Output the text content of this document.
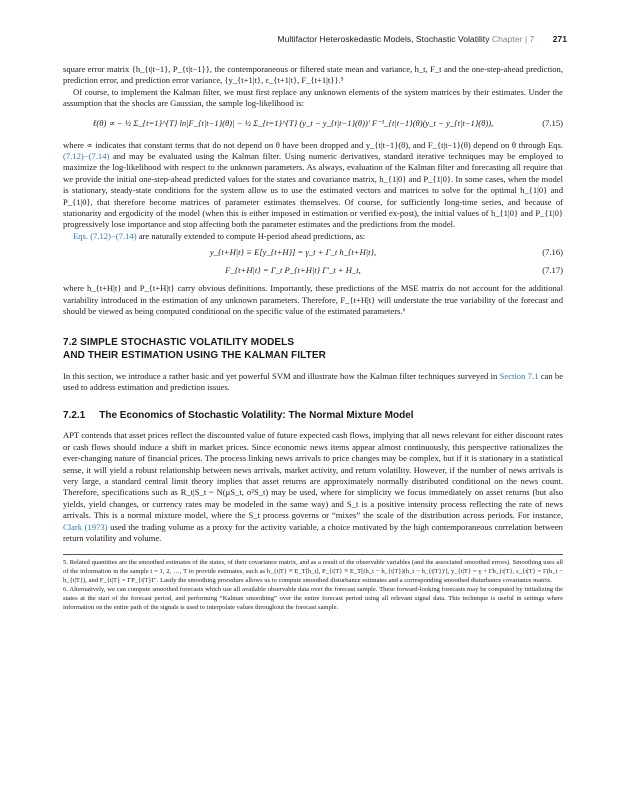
Multifactor Heteroskedastic Models, Stochastic Volatility Chapter | 7 271

square error matrix {h_{t|t−1}, P_{t|t−1}}, the contemporaneous or filtered state mean and variance, h_t, F_t and the one-step-ahead prediction, prediction error, and prediction error variance, {y_{t+1|t}, ε_{t+1|t}, F_{t+1|t}}.⁵

Of course, to implement the Kalman filter, we must first replace any unknown elements of the system matrices by their estimates. Under the assumption that the shocks are Gaussian, the sample log-likelihood is:

ℓ(θ) ∝ − ½ Σ_{t=1}^{T} ln|F_{t|t−1}(θ)| − ½ Σ_{t=1}^{T} (y_t − y_{t|t−1}(θ))′ F⁻¹_{t|t−1}(θ)(y_t − y_{t|t−1}(θ)),	(7.15)

where ∝ indicates that constant terms that do not depend on θ have been dropped and y_{t|t−1}(θ), and F_{t|t−1}(θ) depend on θ through Eqs. (7.12)−(7.14) and may be evaluated using the Kalman filter. Using numeric derivatives, standard iterative techniques may be employed to maximize the log-likelihood with respect to the unknown parameters. As always, evaluation of the Kalman filter and forecasting all require that we provide the initial one-step-ahead predicted values for the states and covariance matrix, h_{1|0} and P_{1|0}. In some cases, when the model is stationary, steady-state conditions for the system allow us to use the estimated vectors and matrices to solve for the optimal h_{1|0} and P_{1|0}, that therefore become matrices of parameter estimates themselves. Of course, for sufficiently long-time series, and because of stationarity and ergodicity of the model (when this is either imposed in estimation or verified ex-post), the initial values of h_{1|0} and P_{1|0} progressively lose importance and stop affecting both the parameter estimates and the predictions from the model.

Eqs. (7.12)−(7.14) are naturally extended to compute H-period ahead predictions, as:

y_{t+H|t} ≡ E[y_{t+H}] = γ_t + Γ_t h_{t+H|t},	(7.16)
F_{t+H|t} = Γ_t P_{t+H|t} Γ′_t + H_t,	(7.17)

where h_{t+H|t} and P_{t+H|t} carry obvious definitions. Importantly, these predictions of the MSE matrix do not account for the additional variability introduced in the estimation of any unknown parameters. Therefore, F_{t+H|t} will understate the true variability of the forecast and should be viewed as being computed conditional on the specific value of the estimated parameters.⁶

7.2 SIMPLE STOCHASTIC VOLATILITY MODELS
AND THEIR ESTIMATION USING THE KALMAN FILTER

In this section, we introduce a rather basic and yet powerful SVM and illustrate how the Kalman filter techniques surveyed in Section 7.1 can be used to address estimation and prediction issues.

7.2.1 The Economics of Stochastic Volatility: The Normal Mixture Model

APT contends that asset prices reflect the discounted value of future expected cash flows, implying that all news relevant for either discount rates or cash flows should induce a shift in market prices. Since economic news items appear almost continuously, this perspective rationalizes the ever-changing nature of financial prices. The process linking news arrivals to price changes may be complex, but if it is stationary in a statistical sense, it will yield a robust relationship between news arrivals, market activity, and return volatility. However, if the number of news arrivals is very large, a standard central limit theory implies that asset returns are approximately normally distributed conditional on the news count. Therefore, specifications such as R_t|S_t ~ N(μS_t, σ²S_t) may be used, where for simplicity we focus immediately on asset returns (but also yields, yield changes, or currency rates may be modeled in the same way) and S_t is a positive intensity process reflecting the rate of news arrivals. This is a normal mixture model, where the S_t process governs or “mixes” the scale of the distribution across periods. For instance, Clark (1973) used the trading volume as a proxy for the activity variable, a choice motivated by the high contemporaneous correlation between return volatility and volume.

5. Related quantities are the smoothed estimates of the states, of their covariance matrix, and as a result of the observable variables (and the associated smoothed errors). Smoothing uses all of the information in the sample t = 1, 2, …, T to provide estimates, such as h_{t|T} ≡ E_T[h_t], P_{t|T} ≡ E_T[(h_t − h_{t|T})(h_t − h_{t|T})′], y_{t|T} = γ + Γh_{t|T}, ε_{t|T} = Γ(h_t − h_{t|T}), and F_{t|T} = ΓP_{t|T}Γ′. Lastly the smoothing procedure allows us to compute smoothed disturbance estimates and a corresponding smoothed disturbance covariance matrix.

6. Alternatively, we can compute smoothed forecasts which use all available observable data over the forecast sample. These forward-looking forecasts may be computed by initializing the states at the start of the forecast period, and performing “Kalman smoothing” over the entire forecast period using all relevant signal data. This technique is useful in settings where information on the entire path of the signals is used to interpolate values throughout the forecast sample.
